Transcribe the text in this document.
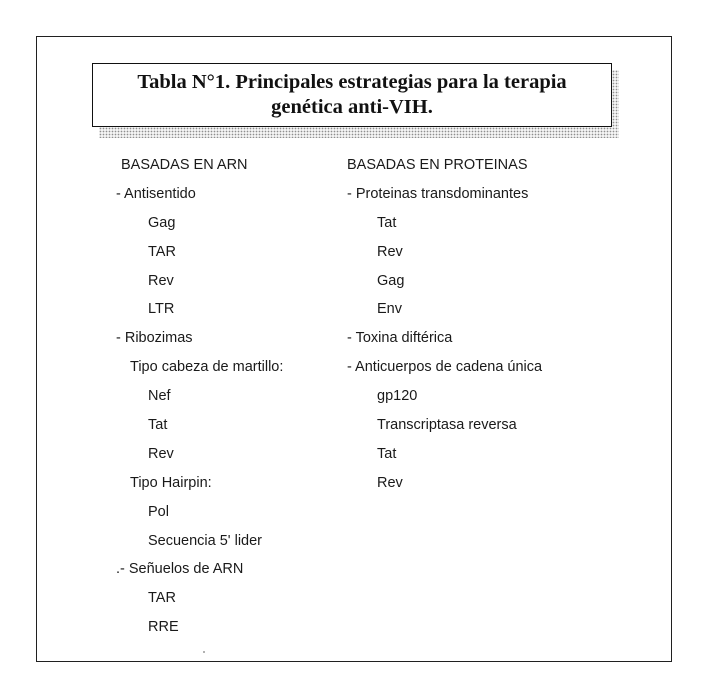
Tabla N°1. Principales estrategias para la terapia
genética anti-VIH.

BASADAS EN ARN
- Antisentido
Gag
TAR
Rev
LTR
- Ribozimas
Tipo cabeza de martillo:
Nef
Tat
Rev
Tipo Hairpin:
Pol
Secuencia 5' lider
.- Señuelos de ARN
TAR
RRE
BASADAS EN PROTEINAS
- Proteinas transdominantes
Tat
Rev
Gag
Env
- Toxina diftérica
- Anticuerpos de cadena única
gp120
Transcriptasa reversa
Tat
Rev
